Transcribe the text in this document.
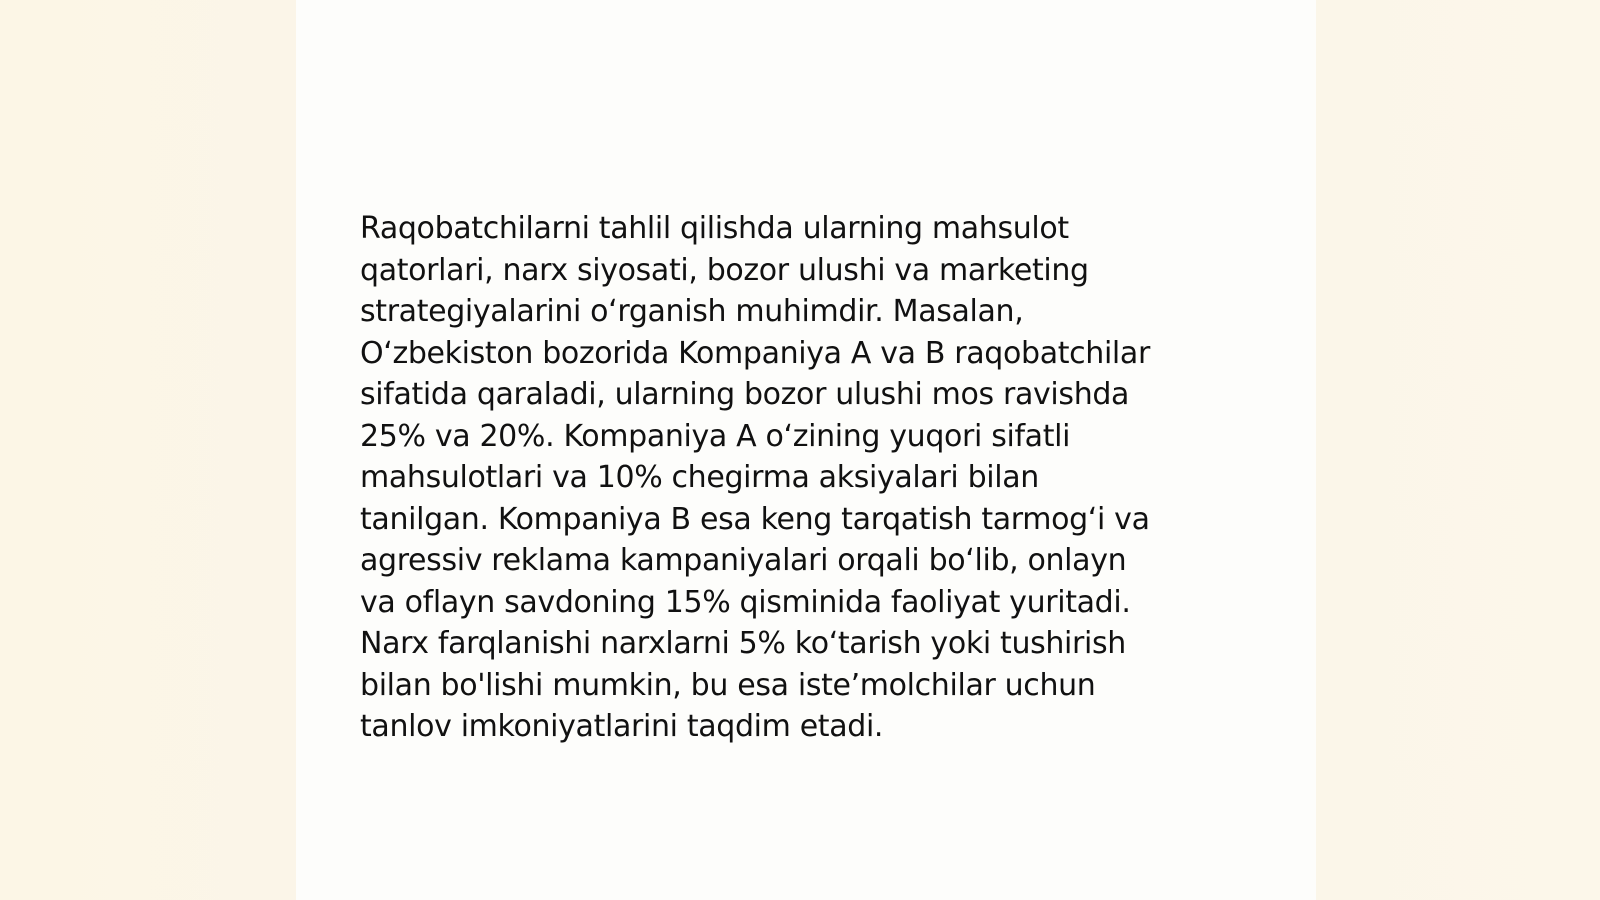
Raqobatchilarni tahlil qilishda ularning mahsulot
qatorlari, narx siyosati, bozor ulushi va marketing
strategiyalarini o‘rganish muhimdir. Masalan,
O‘zbekiston bozorida Kompaniya A va B raqobatchilar
sifatida qaraladi, ularning bozor ulushi mos ravishda
25% va 20%. Kompaniya A o‘zining yuqori sifatli
mahsulotlari va 10% chegirma aksiyalari bilan
tanilgan. Kompaniya B esa keng tarqatish tarmog‘i va
agressiv reklama kampaniyalari orqali bo‘lib, onlayn
va oflayn savdoning 15% qisminida faoliyat yuritadi.
Narx farqlanishi narxlarni 5% ko‘tarish yoki tushirish
bilan bo'lishi mumkin, bu esa iste’molchilar uchun
tanlov imkoniyatlarini taqdim etadi.
